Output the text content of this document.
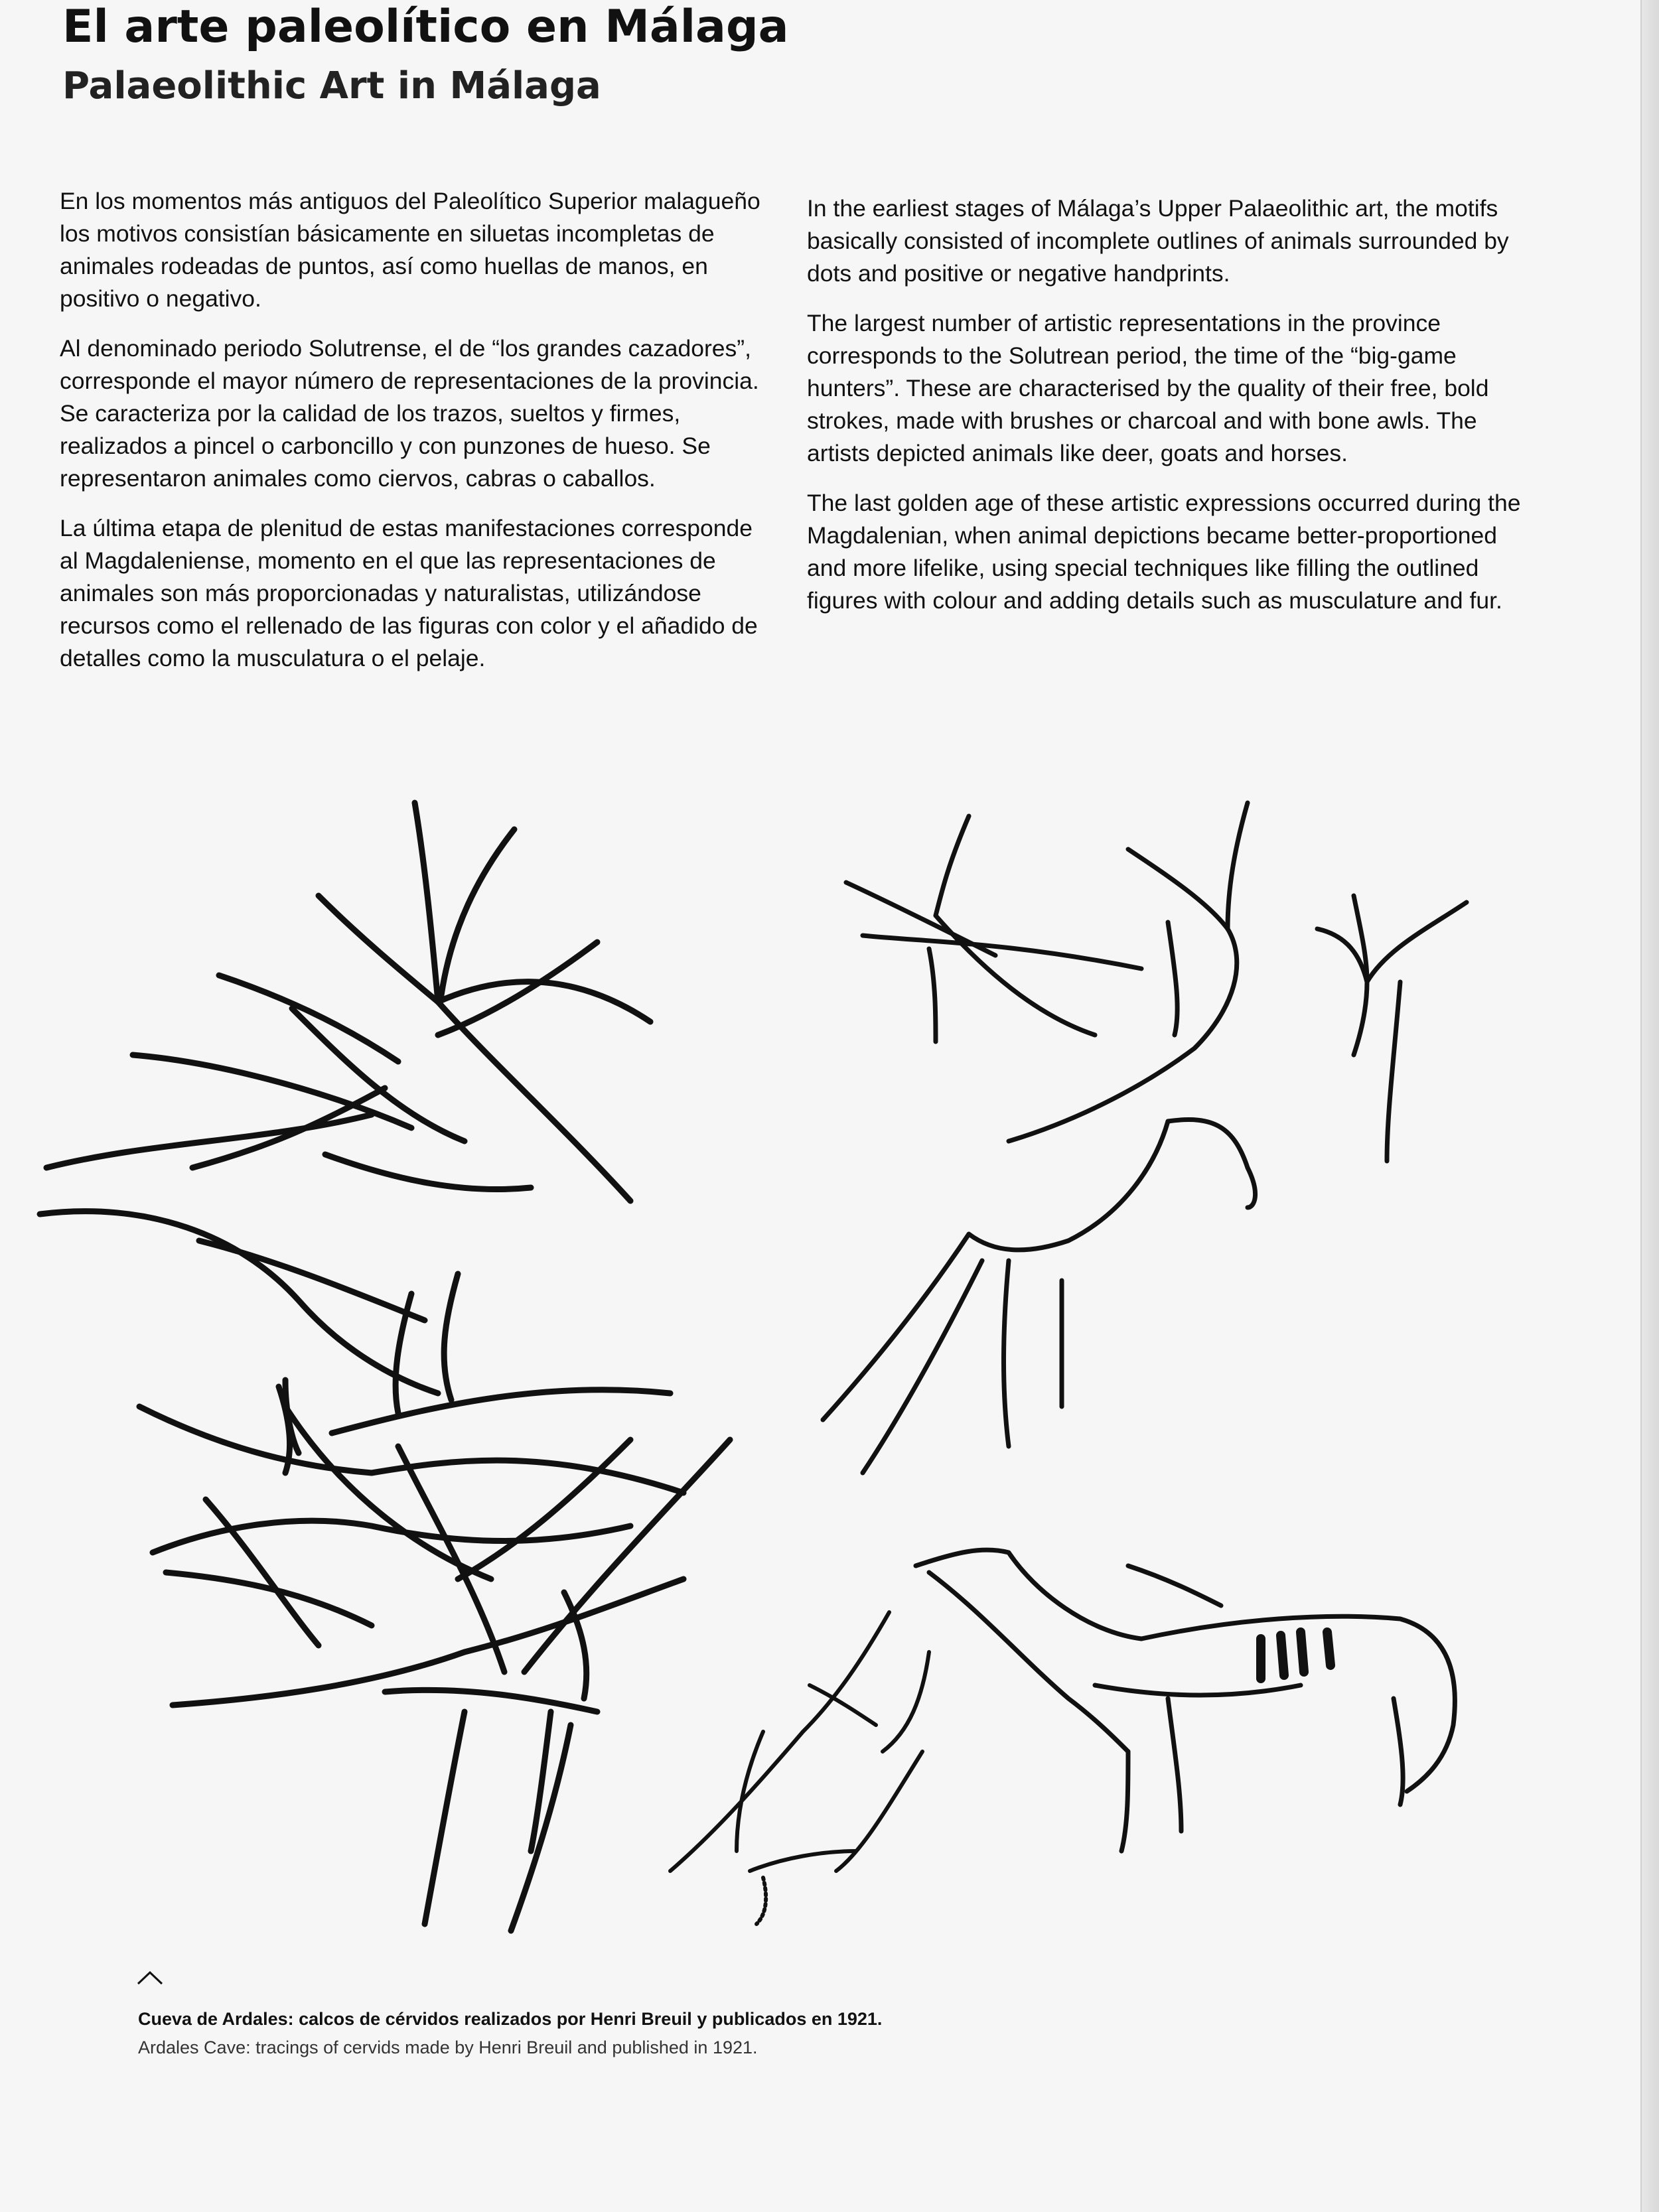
El arte paleolítico en Málaga
Palaeolithic Art in Málaga

En los momentos más antiguos del Paleolítico Superior malagueño los motivos consistían básicamente en siluetas incompletas de animales rodeadas de puntos, así como huellas de manos, en positivo o negativo.

Al denominado periodo Solutrense, el de “los grandes cazadores”, corresponde el mayor número de representaciones de la provincia. Se caracteriza por la calidad de los trazos, sueltos y firmes, realizados a pincel o carboncillo y con punzones de hueso. Se representaron animales como ciervos, cabras o caballos.

La última etapa de plenitud de estas manifestaciones corresponde al Magdaleniense, momento en el que las representaciones de animales son más proporcionadas y naturalistas, utilizándose recursos como el rellenado de las figuras con color y el añadido de detalles como la musculatura o el pelaje.

In the earliest stages of Málaga’s Upper Palaeolithic art, the motifs basically consisted of incomplete outlines of animals surrounded by dots and positive or negative handprints.

The largest number of artistic representations in the province corresponds to the Solutrean period, the time of the “big-game hunters”. These are characterised by the quality of their free, bold strokes, made with brushes or charcoal and with bone awls. The artists depicted animals like deer, goats and horses.

The last golden age of these artistic expressions occurred during the Magdalenian, when animal depictions became better-proportioned and more lifelike, using special techniques like filling the outlined figures with colour and adding details such as musculature and fur.

Cueva de Ardales: calcos de cérvidos realizados por Henri Breuil y publicados en 1921.
Ardales Cave: tracings of cervids made by Henri Breuil and published in 1921.
